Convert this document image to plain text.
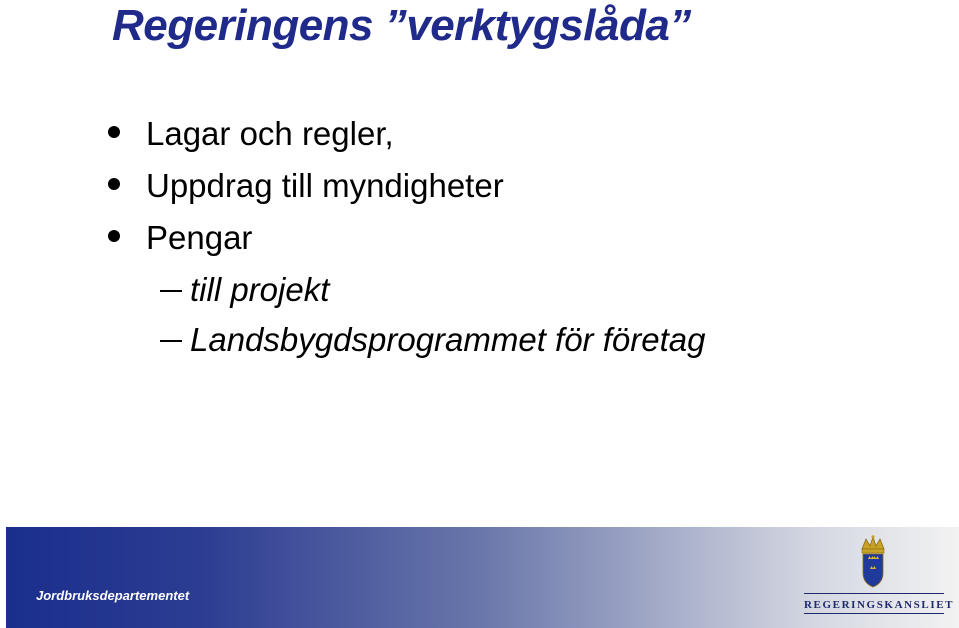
Regeringens ”verktygslåda”
Lagar och regler,
Uppdrag till myndigheter
Pengar
till projekt
Landsbygdsprogrammet för företag
Jordbruksdepartementet
REGERINGSKANSLIET
